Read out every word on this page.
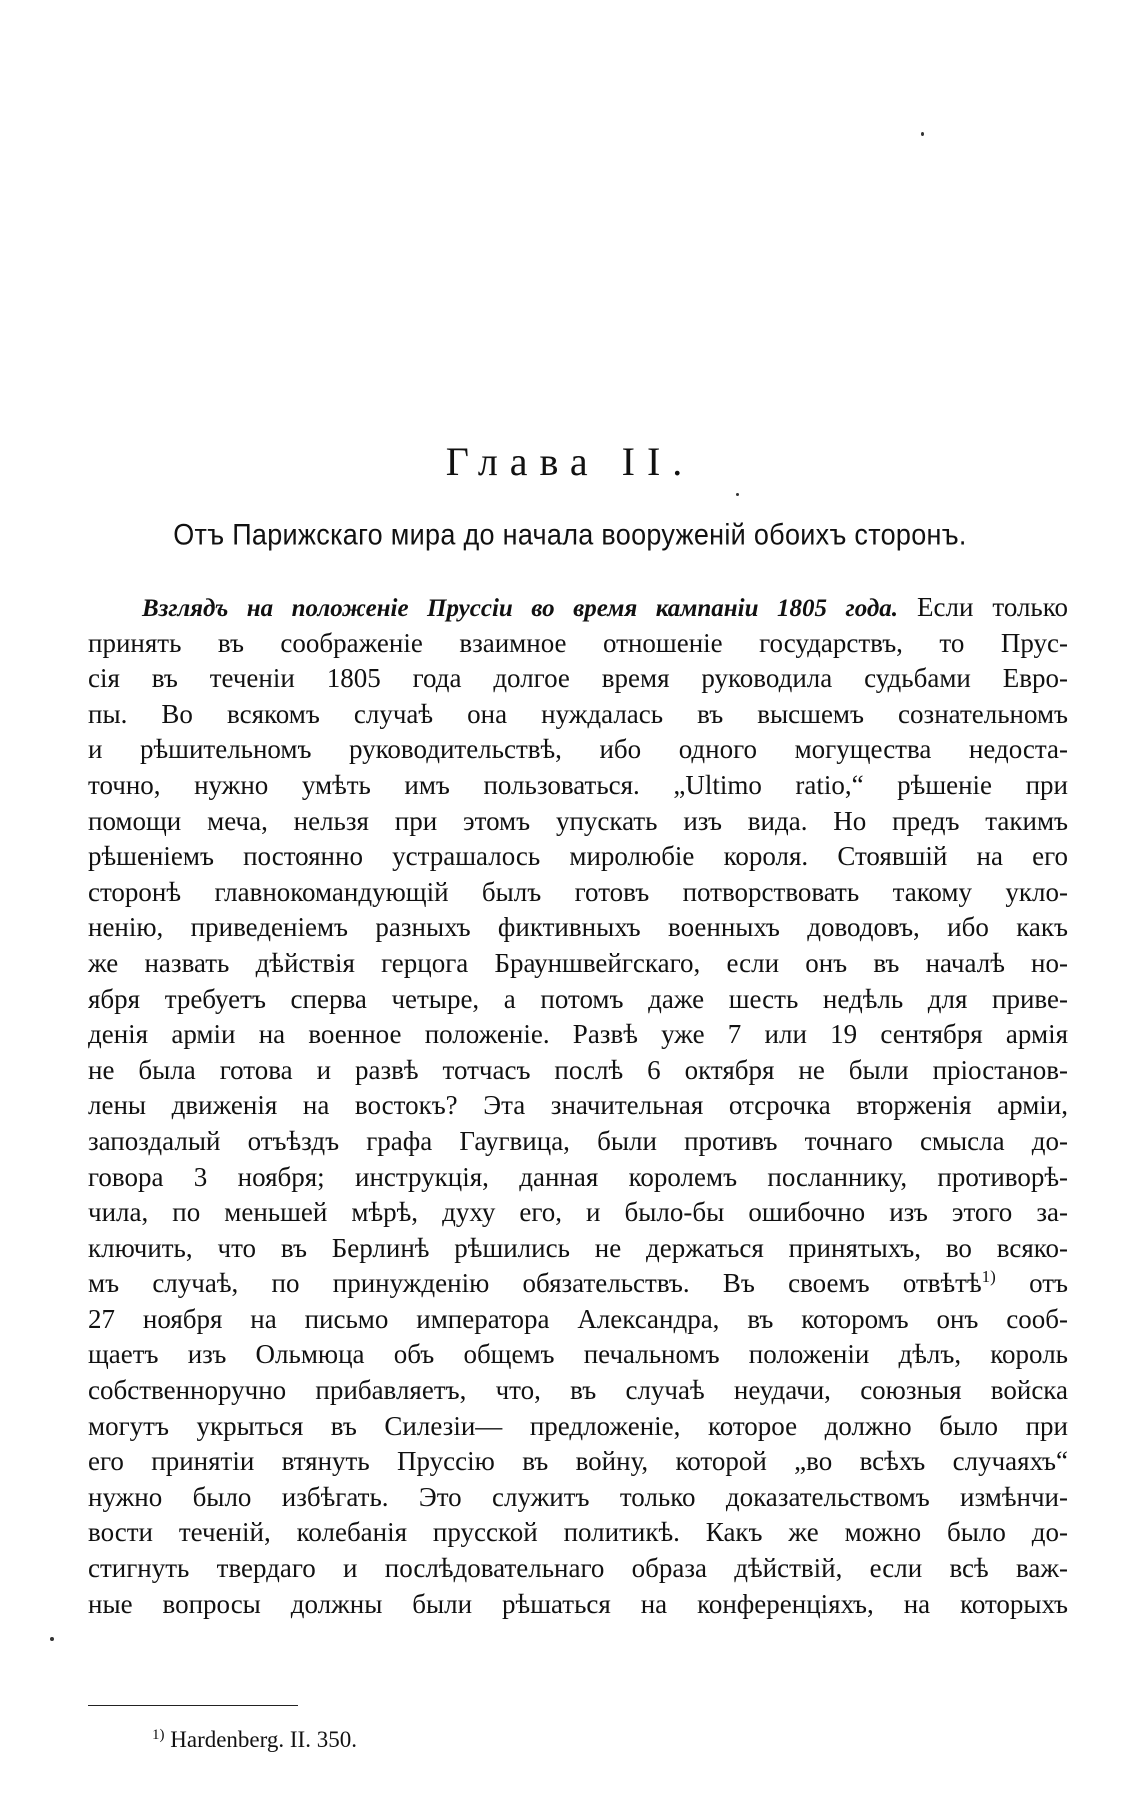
Глава II.
Отъ Парижскаго мира до начала вооруженій обоихъ сторонъ.
Взглядъ на положеніе Пруссіи во время кампаніи 1805 года. Если только
принять въ соображеніе взаимное отношеніе государствъ, то Прус-
сія въ теченіи 1805 года долгое время руководила судьбами Евро-
пы. Во всякомъ случаѣ она нуждалась въ высшемъ сознательномъ
и рѣшительномъ руководительствѣ, ибо одного могущества недоста-
точно, нужно умѣть имъ пользоваться. „Ultimo ratio,“ рѣшеніе при
помощи меча, нельзя при этомъ упускать изъ вида. Но предъ такимъ
рѣшеніемъ постоянно устрашалось миролюбіе короля. Стоявшій на его
сторонѣ главнокомандующій былъ готовъ потворствовать такому укло-
ненію, приведеніемъ разныхъ фиктивныхъ военныхъ доводовъ, ибо какъ
же назвать дѣйствія герцога Брауншвейгскаго, если онъ въ началѣ но-
ября требуетъ сперва четыре, а потомъ даже шесть недѣль для приве-
денія арміи на военное положеніе. Развѣ уже 7 или 19 сентября армія
не была готова и развѣ тотчасъ послѣ 6 октября не были пріостанов-
лены движенія на востокъ? Эта значительная отсрочка вторженія арміи,
запоздалый отъѣздъ графа Гаугвица, были противъ точнаго смысла до-
говора 3 ноября; инструкція, данная королемъ посланнику, противорѣ-
чила, по меньшей мѣрѣ, духу его, и было-бы ошибочно изъ этого за-
ключить, что въ Берлинѣ рѣшились не держаться принятыхъ, во всяко-
мъ случаѣ, по принужденію обязательствъ. Въ своемъ отвѣтѣ$^{1)}$ отъ
27 ноября на письмо императора Александра, въ которомъ онъ сооб-
щаетъ изъ Ольмюца объ общемъ печальномъ положеніи дѣлъ, король
собственноручно прибавляетъ, что, въ случаѣ неудачи, союзныя войска
могутъ укрыться въ Силезіи— предложеніе, которое должно было при
его принятіи втянуть Пруссію въ войну, которой „во всѣхъ случаяхъ“
нужно было избѣгать. Это служитъ только доказательствомъ измѣнчи-
вости теченій, колебанія прусской политикѣ. Какъ же можно было до-
стигнуть твердаго и послѣдовательнаго образа дѣйствій, если всѣ важ-
ные вопросы должны были рѣшаться на конференціяхъ, на которыхъ

$^{1)}$ Hardenberg. II. 350.
